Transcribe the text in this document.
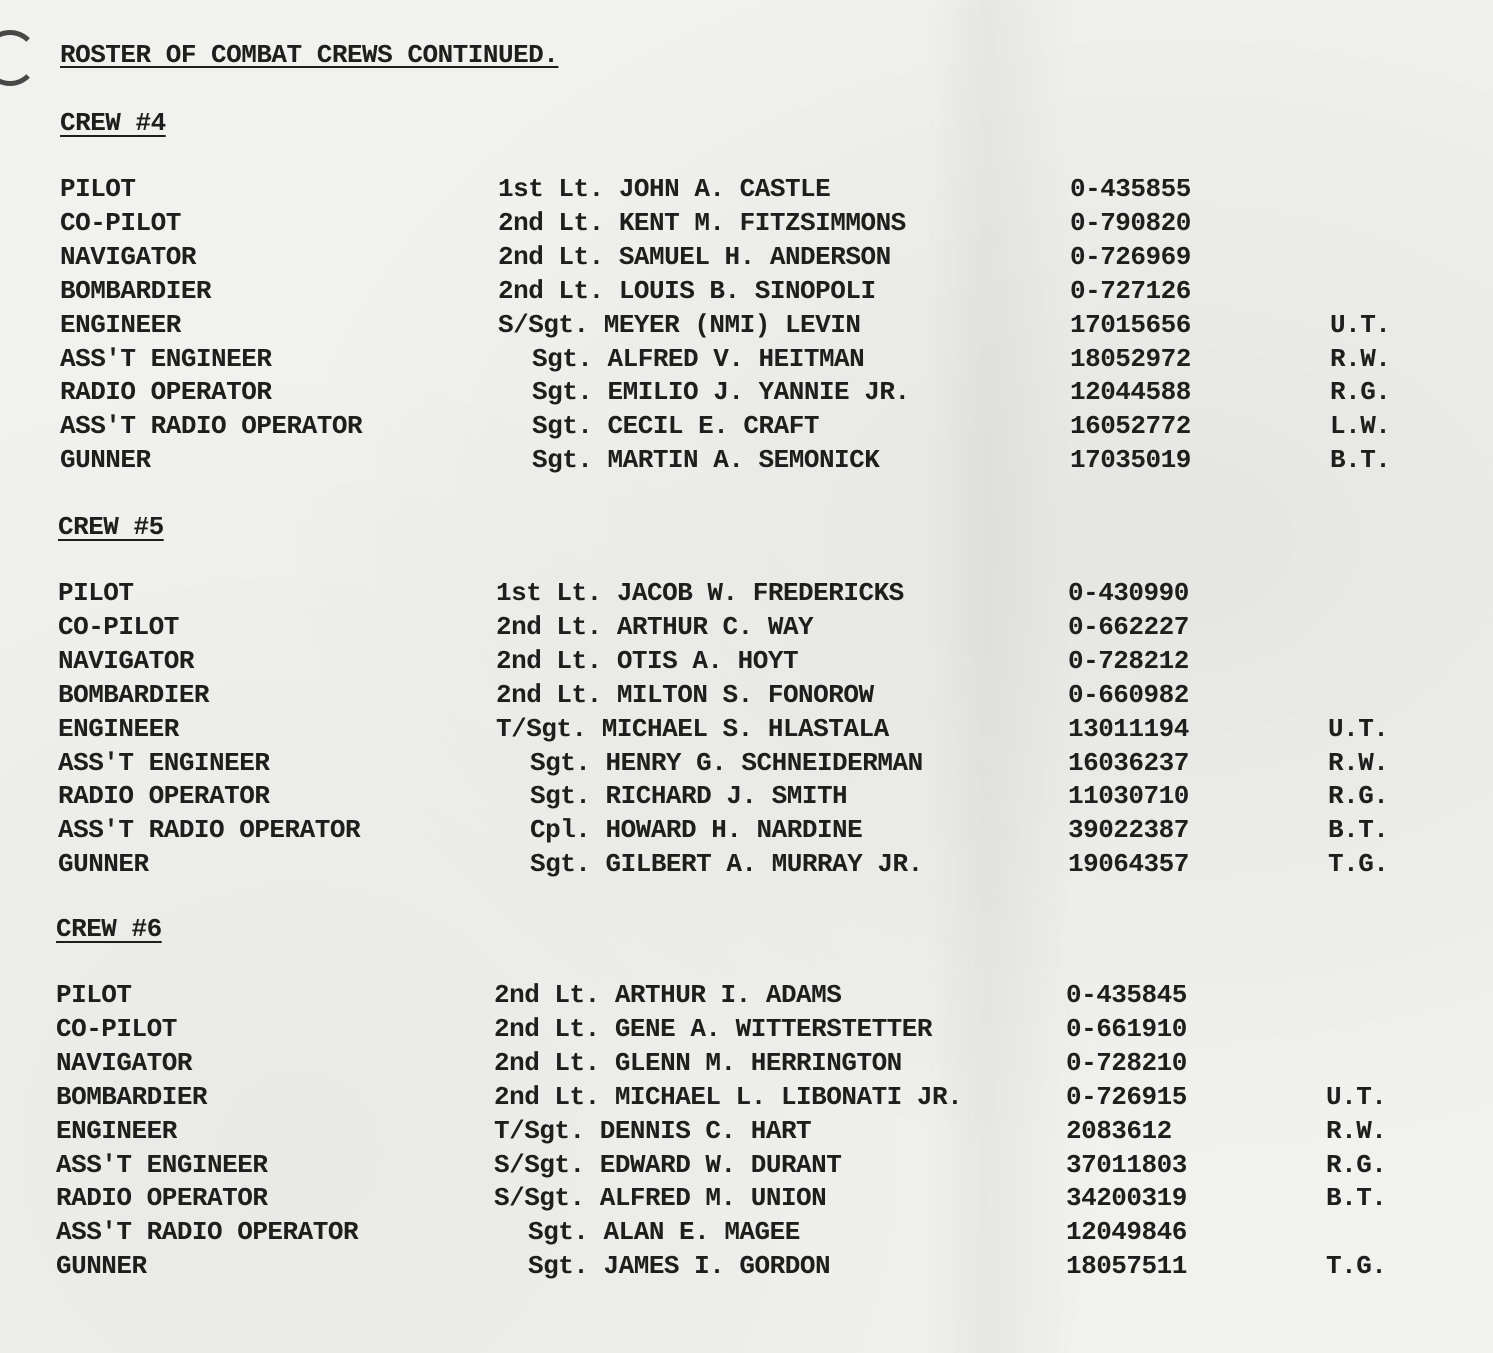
ROSTER OF COMBAT CREWS CONTINUED.
CREW #4
PILOT	1st Lt. JOHN A. CASTLE	0-435855
CO-PILOT	2nd Lt. KENT M. FITZSIMMONS	0-790820
NAVIGATOR	2nd Lt. SAMUEL H. ANDERSON	0-726969
BOMBARDIER	2nd Lt. LOUIS B. SINOPOLI	0-727126
ENGINEER	S/Sgt. MEYER (NMI) LEVIN	17015656	U.T.
ASS'T ENGINEER	Sgt. ALFRED V. HEITMAN	18052972	R.W.
RADIO OPERATOR	Sgt. EMILIO J. YANNIE JR.	12044588	R.G.
ASS'T RADIO OPERATOR	Sgt. CECIL E. CRAFT	16052772	L.W.
GUNNER	Sgt. MARTIN A. SEMONICK	17035019	B.T.
CREW #5
PILOT	1st Lt. JACOB W. FREDERICKS	0-430990
CO-PILOT	2nd Lt. ARTHUR C. WAY	0-662227
NAVIGATOR	2nd Lt. OTIS A. HOYT	0-728212
BOMBARDIER	2nd Lt. MILTON S. FONOROW	0-660982
ENGINEER	T/Sgt. MICHAEL S. HLASTALA	13011194	U.T.
ASS'T ENGINEER	Sgt. HENRY G. SCHNEIDERMAN	16036237	R.W.
RADIO OPERATOR	Sgt. RICHARD J. SMITH	11030710	R.G.
ASS'T RADIO OPERATOR	Cpl. HOWARD H. NARDINE	39022387	B.T.
GUNNER	Sgt. GILBERT A. MURRAY JR.	19064357	T.G.
CREW #6
PILOT	2nd Lt. ARTHUR I. ADAMS	0-435845
CO-PILOT	2nd Lt. GENE A. WITTERSTETTER	0-661910
NAVIGATOR	2nd Lt. GLENN M. HERRINGTON	0-728210
BOMBARDIER	2nd Lt. MICHAEL L. LIBONATI JR.	0-726915	U.T.
ENGINEER	T/Sgt. DENNIS C. HART	2083612	R.W.
ASS'T ENGINEER	S/Sgt. EDWARD W. DURANT	37011803	R.G.
RADIO OPERATOR	S/Sgt. ALFRED M. UNION	34200319	B.T.
ASS'T RADIO OPERATOR	Sgt. ALAN E. MAGEE	12049846
GUNNER	Sgt. JAMES I. GORDON	18057511	T.G.
